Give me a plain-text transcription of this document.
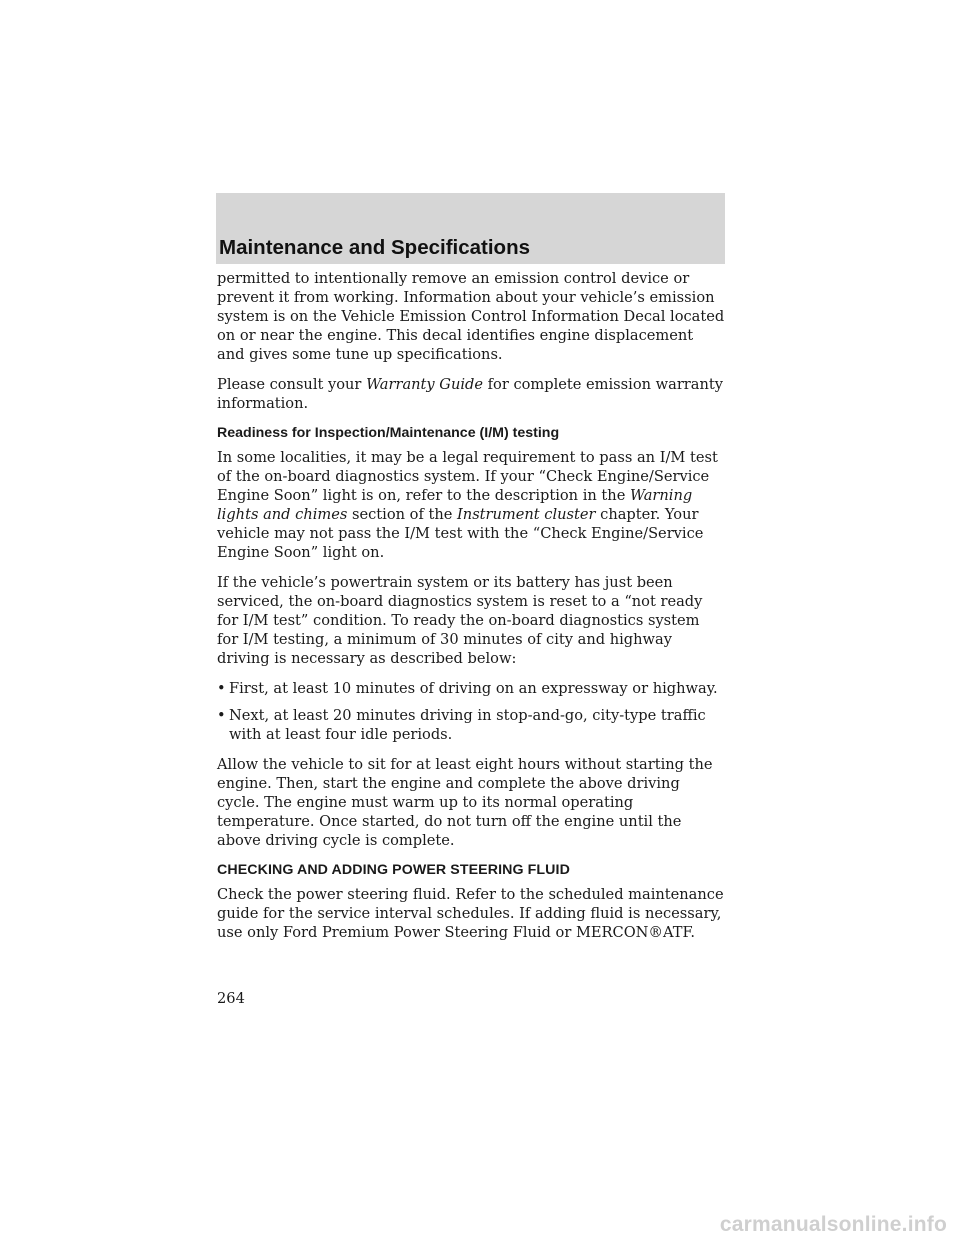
Maintenance and Specifications

permitted to intentionally remove an emission control device or prevent it from working. Information about your vehicle’s emission system is on the Vehicle Emission Control Information Decal located on or near the engine. This decal identifies engine displacement and gives some tune up specifications.

Please consult your Warranty Guide for complete emission warranty information.

Readiness for Inspection/Maintenance (I/M) testing

In some localities, it may be a legal requirement to pass an I/M test of the on-board diagnostics system. If your “Check Engine/Service Engine Soon” light is on, refer to the description in the Warning lights and chimes section of the Instrument cluster chapter. Your vehicle may not pass the I/M test with the “Check Engine/Service Engine Soon” light on.

If the vehicle’s powertrain system or its battery has just been serviced, the on-board diagnostics system is reset to a “not ready for I/M test” condition. To ready the on-board diagnostics system for I/M testing, a minimum of 30 minutes of city and highway driving is necessary as described below:

• First, at least 10 minutes of driving on an expressway or highway.
• Next, at least 20 minutes driving in stop-and-go, city-type traffic with at least four idle periods.

Allow the vehicle to sit for at least eight hours without starting the engine. Then, start the engine and complete the above driving cycle. The engine must warm up to its normal operating temperature. Once started, do not turn off the engine until the above driving cycle is complete.

CHECKING AND ADDING POWER STEERING FLUID

Check the power steering fluid. Refer to the scheduled maintenance guide for the service interval schedules. If adding fluid is necessary, use only Ford Premium Power Steering Fluid or MERCON®ATF.

264
carmanualsonline.info
